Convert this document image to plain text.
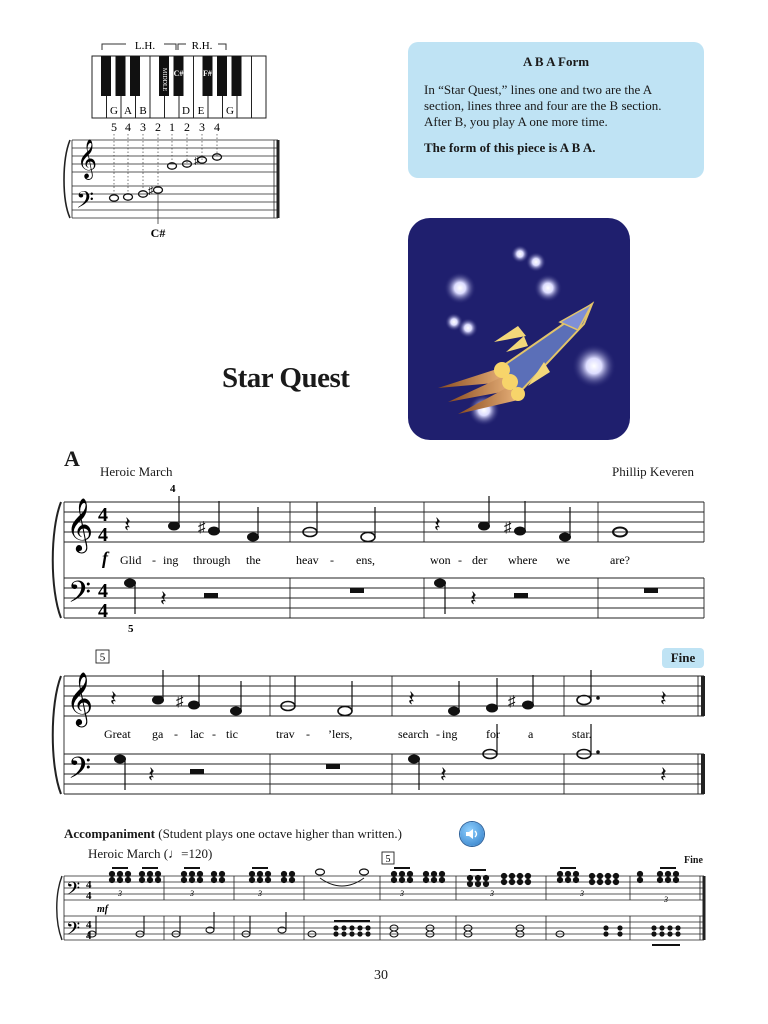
L.H.	R.H.
MIDDLE C# F#
G A B	D E G
5 4 3 2 1 2 3 4
𝄞
𝄢	♯
♯
C#
A B A Form

In “Star Quest,” lines one and two are the A section, lines three and four are the B section. After B, you play A one more time.

The form of this piece is A B A.
Star Quest
A
Heroic March	Phillip Keveren
𝄞
𝄢
4
4
4
4
4
5
𝄽	♯	𝄽	♯
𝄽	𝄽
f Glid - ing through the	heav - ens,	won - der where we	are?
5
𝄞
𝄢
𝄽	♯	𝄽	♯	𝄽
𝄽	𝄽	𝄽
Great ga - lac - tic	trav - ’lers,	search - ing for a	star.
Fine
Accompaniment (Student plays one octave higher than written.)
Heroic March (♩=120)	Fine
5
𝄢
𝄢
4
4
4
4
mf
3	3	3	3	3	3
3
30
